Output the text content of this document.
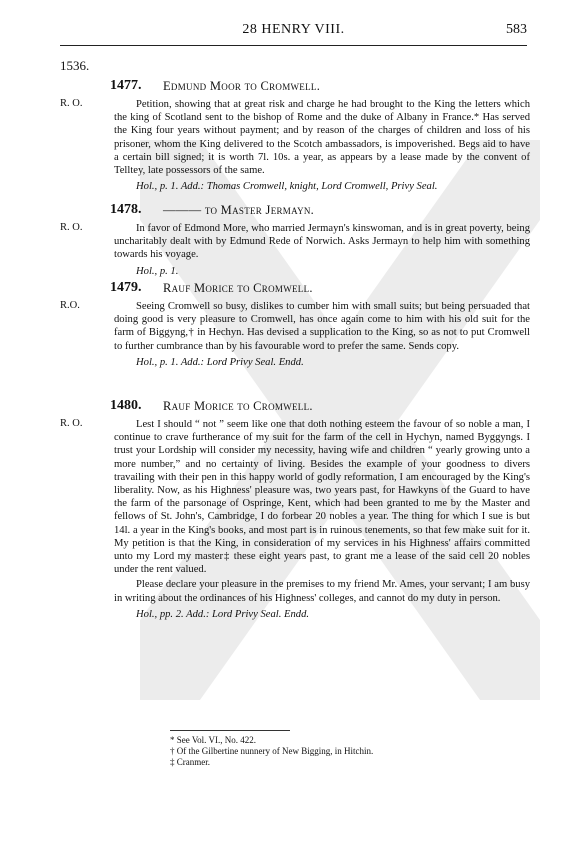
28 HENRY VIII.	583
1536.
1477. Edmund Moor to Cromwell.
R. O.	Petition, showing that at great risk and charge he had brought to the King the letters which the king of Scotland sent to the bishop of Rome and the duke of Albany in France.* Has served the King four years without payment; and by reason of the charges of children and loss of his prisoner, whom the King delivered to the Scotch ambassadors, is impoverished. Begs aid to have a certain bill signed; it is worth 7l. 10s. a year, as appears by a lease made by the convent of Telltey, late possessors of the same.

Hol., p. 1. Add.: Thomas Cromwell, knight, Lord Cromwell, Privy Seal.

1478. ——— to Master Jermayn.
R. O.	In favor of Edmond More, who married Jermayn's kinswoman, and is in great poverty, being uncharitably dealt with by Edmund Rede of Norwich. Asks Jermayn to help him with something towards his voyage.

Hol., p. 1.

1479. Rauf Morice to Cromwell.
R.O.	Seeing Cromwell so busy, dislikes to cumber him with small suits; but being persuaded that doing good is very pleasure to Cromwell, has once again come to him with his old suit for the farm of Biggyng,† in Hechyn. Has devised a supplication to the King, so as not to put Cromwell to further cumbrance than by his favourable word to prefer the same. Sends copy.

Hol., p. 1. Add.: Lord Privy Seal. Endd.

1480. Rauf Morice to Cromwell.
R. O.	Lest I should “ not ” seem like one that doth nothing esteem the favour of so noble a man, I continue to crave furtherance of my suit for the farm of the cell in Hychyn, named Byggyngs. I trust your Lordship will consider my necessity, having wife and children “ yearly growing unto a more number,” and no certainty of living. Besides the example of your goodness to divers travailing with their pen in this happy world of godly reformation, I am encouraged by the King's liberality. Now, as his Highness' pleasure was, two years past, for Hawkyns of the Guard to have the farm of the parsonage of Ospringe, Kent, which had been granted to me by the Master and fellows of St. John's, Cambridge, I do forbear 20 nobles a year. The thing for which I sue is but 14l. a year in the King's books, and most part is in ruinous tenements, so that few make suit for it. My petition is that the King, in consideration of my services in his Highness' affairs committed unto my Lord my master‡ these eight years past, to grant me a lease of the said cell 20 nobles under the rent valued.

Please declare your pleasure in the premises to my friend Mr. Ames, your servant; I am busy in writing about the ordinances of his Highness' colleges, and cannot do my duty in person.

Hol., pp. 2. Add.: Lord Privy Seal. Endd.

* See Vol. VI., No. 422.
† Of the Gilbertine nunnery of New Bigging, in Hitchin.
‡ Cranmer.
